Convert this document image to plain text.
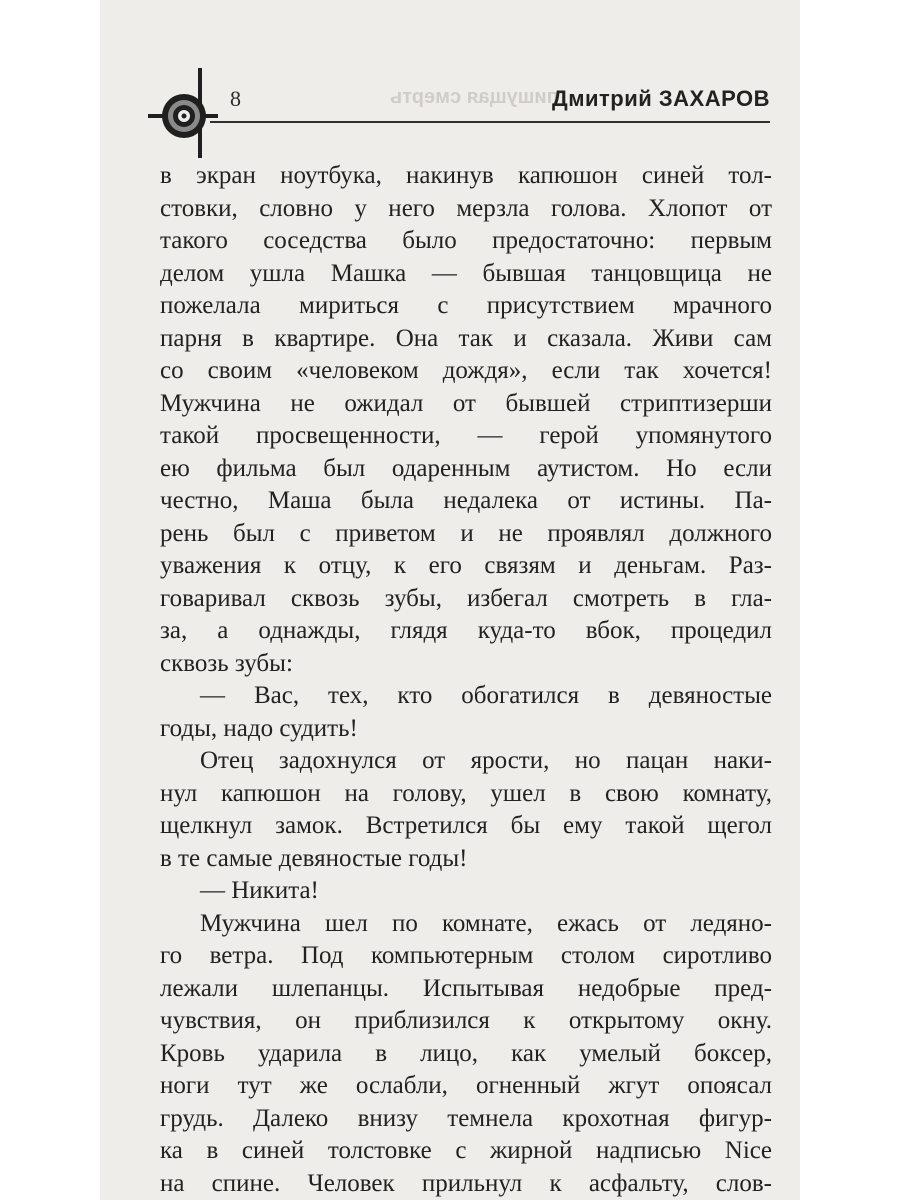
8	пишущая смерть
Дмитрий ЗАХАРОВ
в экран ноутбука, накинув капюшон синей тол-
стовки, словно у него мерзла голова. Хлопот от
такого соседства было предостаточно: первым
делом ушла Машка — бывшая танцовщица не
пожелала мириться с присутствием мрачного
парня в квартире. Она так и сказала. Живи сам
со своим «человеком дождя», если так хочется!
Мужчина не ожидал от бывшей стриптизерши
такой просвещенности, — герой упомянутого
ею фильма был одаренным аутистом. Но если
честно, Маша была недалека от истины. Па-
рень был с приветом и не проявлял должного
уважения к отцу, к его связям и деньгам. Раз-
говаривал сквозь зубы, избегал смотреть в гла-
за, а однажды, глядя куда-то вбок, процедил
сквозь зубы:
— Вас, тех, кто обогатился в девяностые
годы, надо судить!
Отец задохнулся от ярости, но пацан наки-
нул капюшон на голову, ушел в свою комнату,
щелкнул замок. Встретился бы ему такой щегол
в те самые девяностые годы!
— Никита!
Мужчина шел по комнате, ежась от ледяно-
го ветра. Под компьютерным столом сиротливо
лежали шлепанцы. Испытывая недобрые пред-
чувствия, он приблизился к открытому окну.
Кровь ударила в лицо, как умелый боксер,
ноги тут же ослабли, огненный жгут опоясал
грудь. Далеко внизу темнела крохотная фигур-
ка в синей толстовке с жирной надписью Nice
на спине. Человек прильнул к асфальту, слов-
